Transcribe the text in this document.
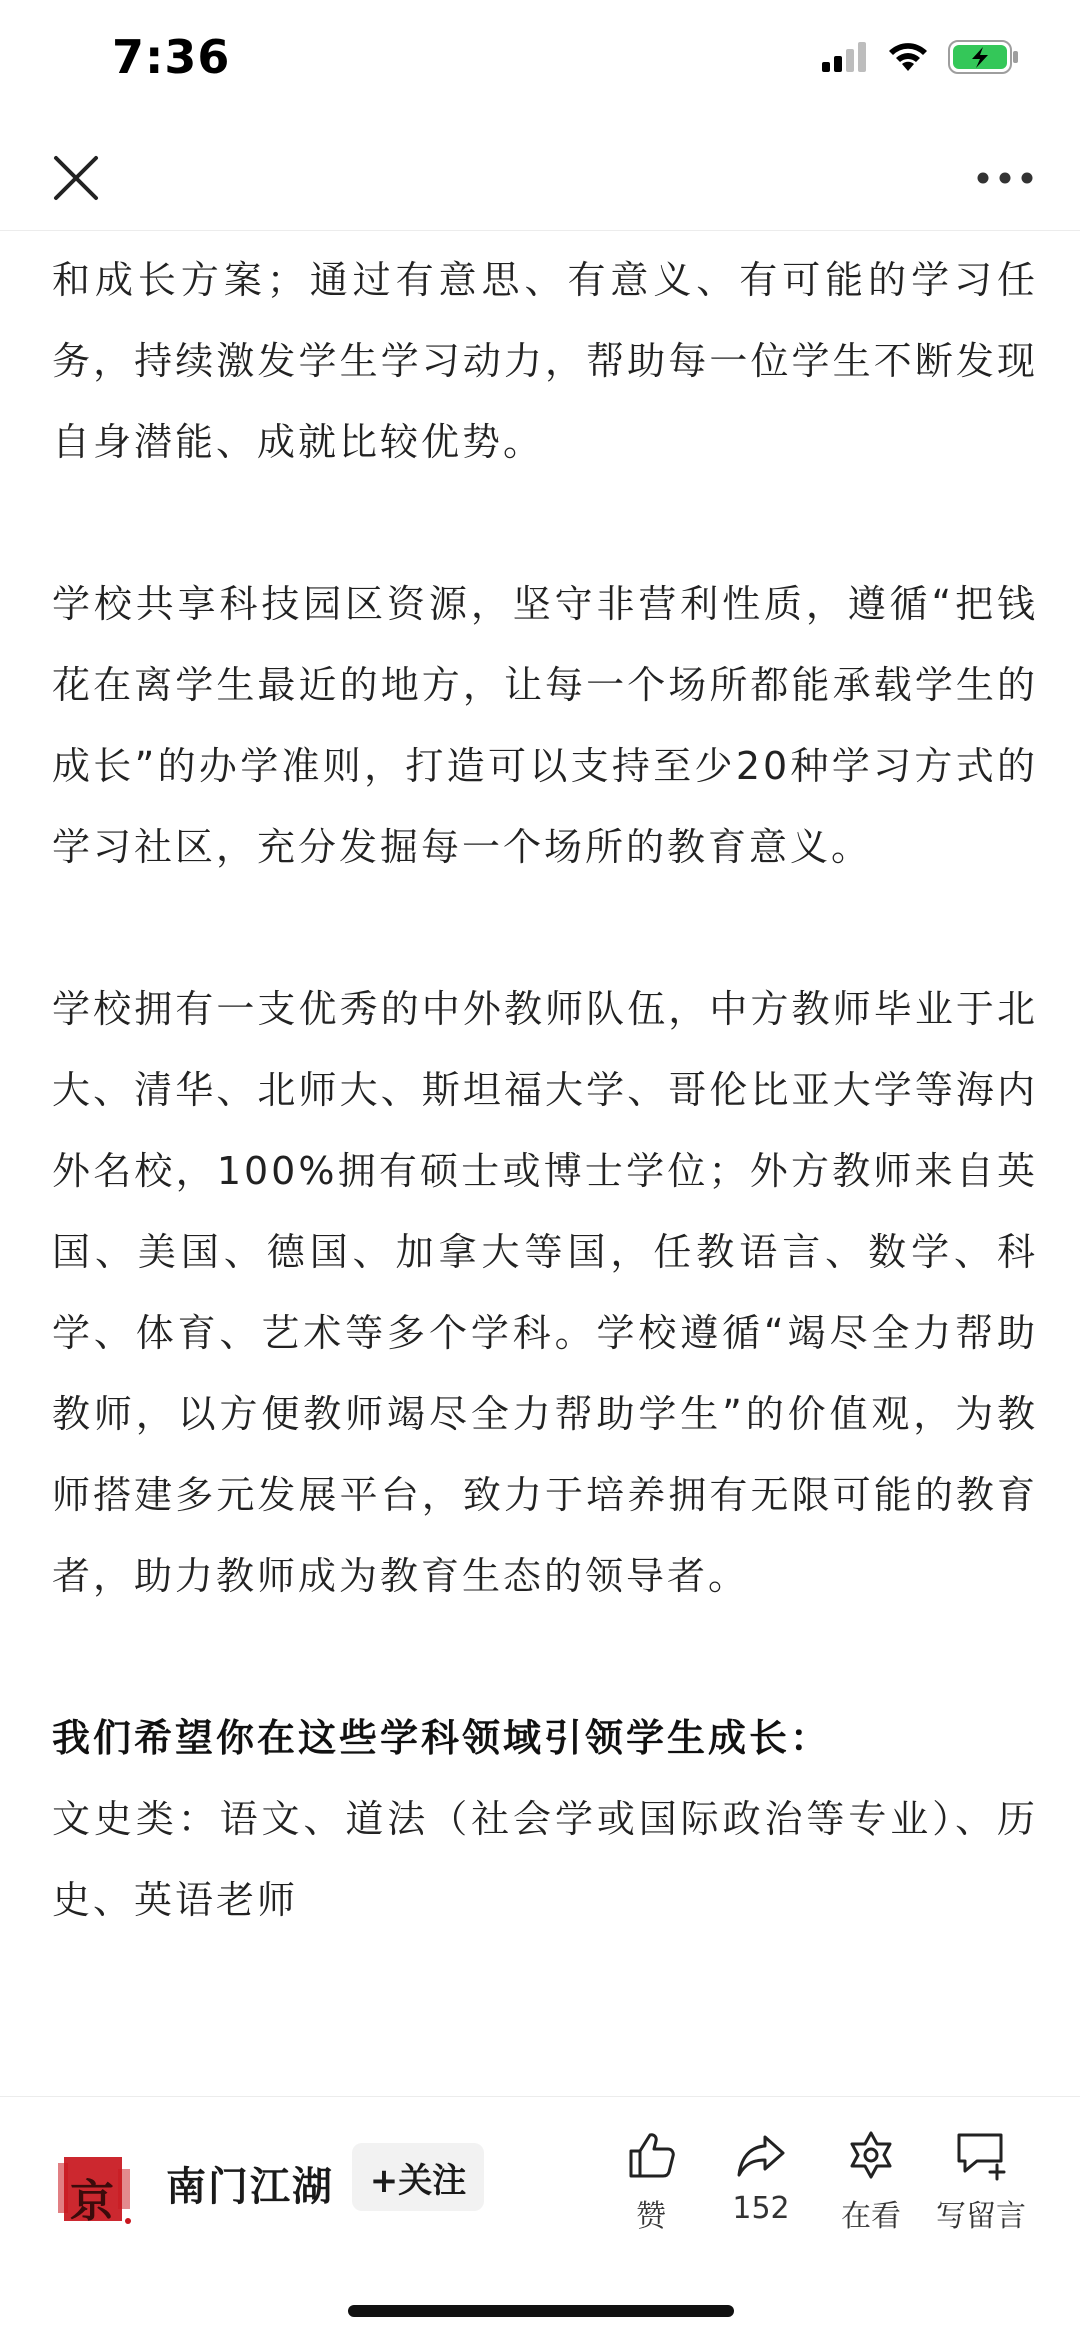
7:36

和成长方案；通过有意思、有意义、有可能的学习任务，持续激发学生学习动力，帮助每一位学生不断发现自身潜能、成就比较优势。

学校共享科技园区资源，坚守非营利性质，遵循“把钱花在离学生最近的地方，让每一个场所都能承载学生的成长”的办学准则，打造可以支持至少20种学习方式的学习社区，充分发掘每一个场所的教育意义。

学校拥有一支优秀的中外教师队伍，中方教师毕业于北大、清华、北师大、斯坦福大学、哥伦比亚大学等海内外名校，100%拥有硕士或博士学位；外方教师来自英国、美国、德国、加拿大等国，任教语言、数学、科学、体育、艺术等多个学科。学校遵循“竭尽全力帮助教师，以方便教师竭尽全力帮助学生”的价值观，为教师搭建多元发展平台，致力于培养拥有无限可能的教育者，助力教师成为教育生态的领导者。

我们希望你在这些学科领域引领学生成长：

文史类：语文、道法（社会学或国际政治等专业）、历史、英语老师

京 南门江湖	+关注
赞 152 在看 写留言
